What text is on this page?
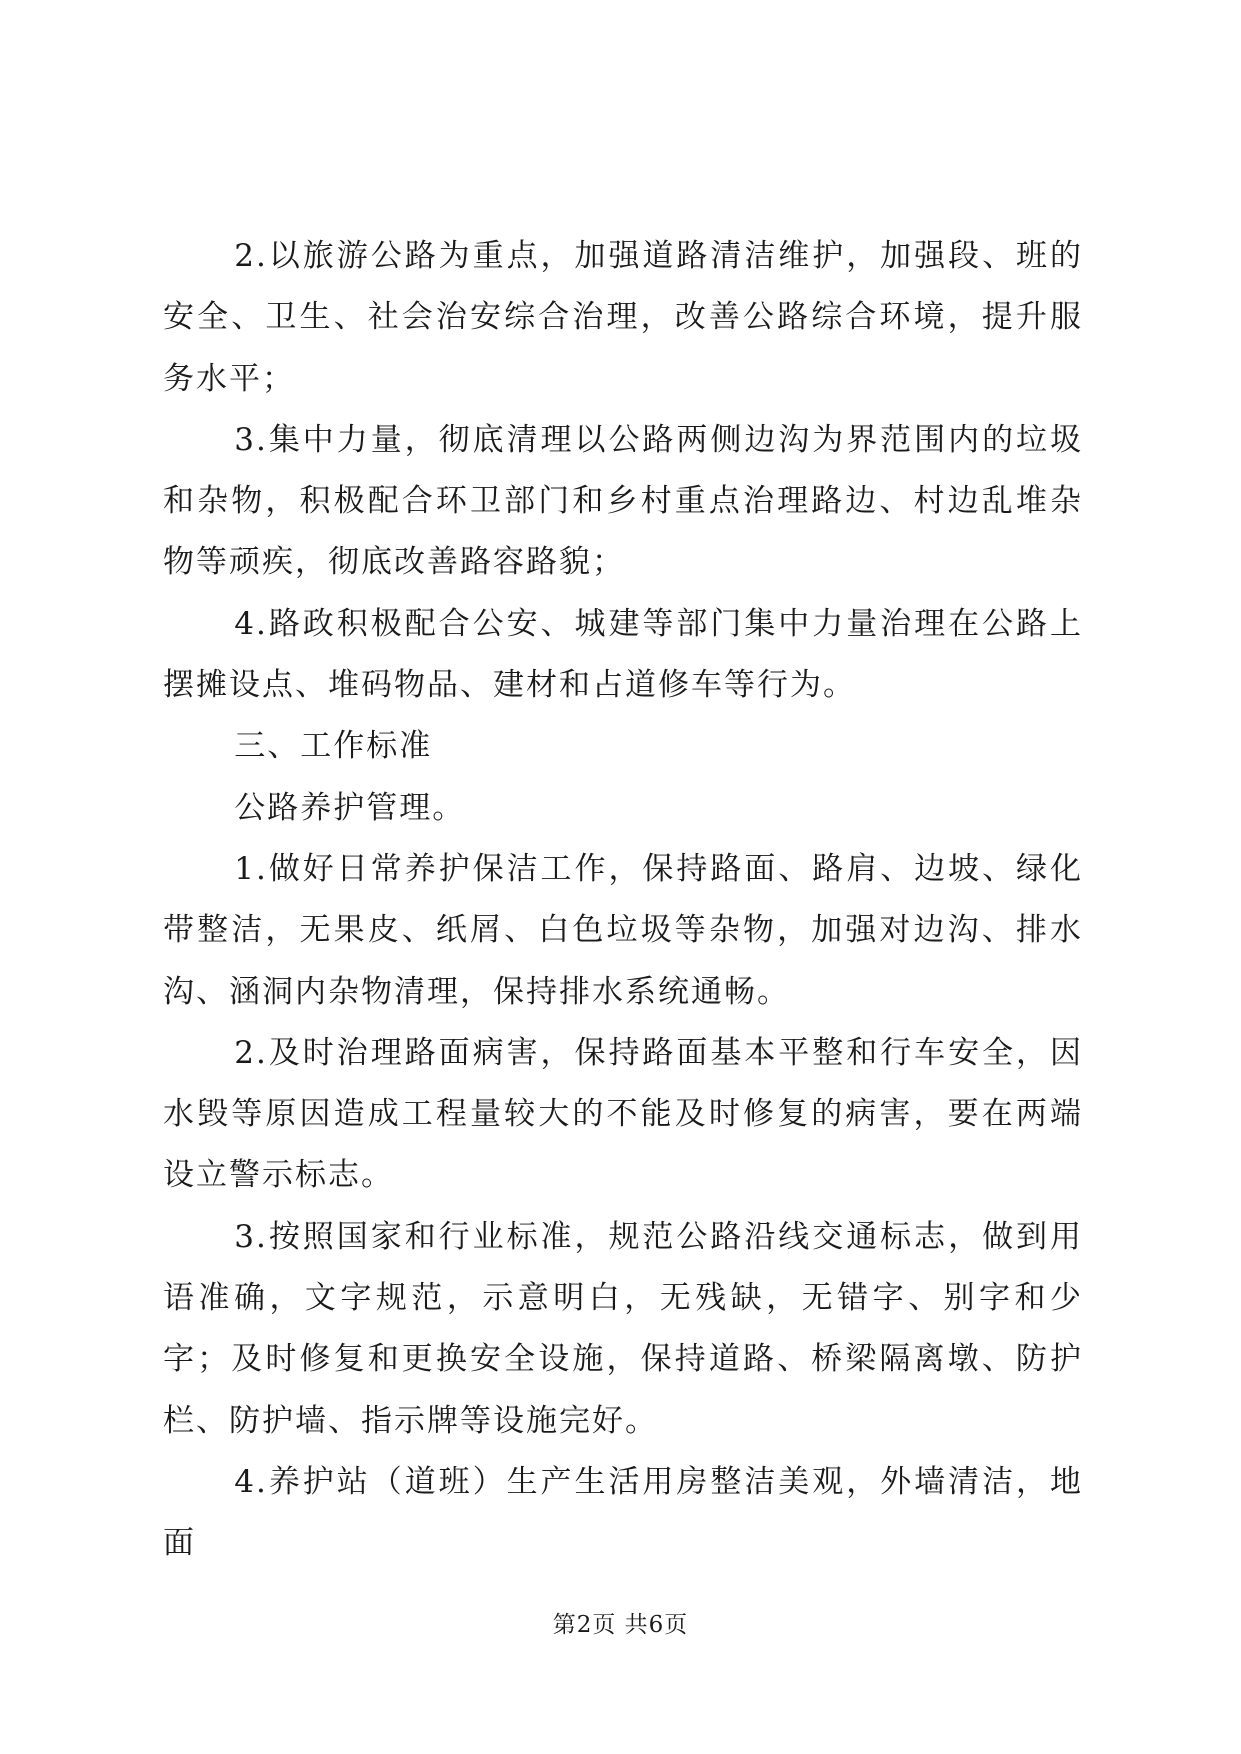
2.以旅游公路为重点，加强道路清洁维护，加强段、班的安全、卫生、社会治安综合治理，改善公路综合环境，提升服务水平；

3.集中力量，彻底清理以公路两侧边沟为界范围内的垃圾和杂物，积极配合环卫部门和乡村重点治理路边、村边乱堆杂物等顽疾，彻底改善路容路貌；

4.路政积极配合公安、城建等部门集中力量治理在公路上摆摊设点、堆码物品、建材和占道修车等行为。

三、工作标准

公路养护管理。

1.做好日常养护保洁工作，保持路面、路肩、边坡、绿化带整洁，无果皮、纸屑、白色垃圾等杂物，加强对边沟、排水沟、涵洞内杂物清理，保持排水系统通畅。

2.及时治理路面病害，保持路面基本平整和行车安全，因水毁等原因造成工程量较大的不能及时修复的病害，要在两端设立警示标志。

3.按照国家和行业标准，规范公路沿线交通标志，做到用语准确，文字规范，示意明白，无残缺，无错字、别字和少字；及时修复和更换安全设施，保持道路、桥梁隔离墩、防护栏、防护墙、指示牌等设施完好。

4.养护站（道班）生产生活用房整洁美观，外墙清洁，地面

第2页 共6页
